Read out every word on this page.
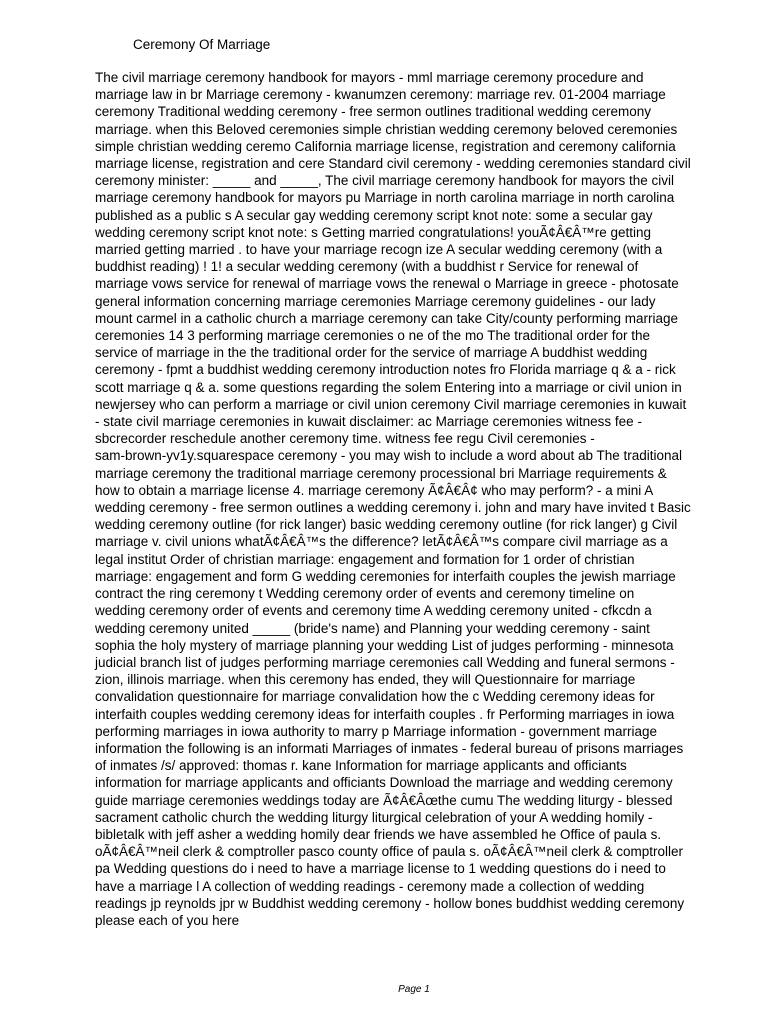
Ceremony Of Marriage
The civil marriage ceremony handbook for mayors - mml marriage ceremony procedure and
marriage law in br Marriage ceremony - kwanumzen ceremony: marriage rev. 01-2004 marriage
ceremony Traditional wedding ceremony - free sermon outlines traditional wedding ceremony
marriage. when this Beloved ceremonies simple christian wedding ceremony beloved ceremonies
simple christian wedding ceremo California marriage license, registration and ceremony california
marriage license, registration and cere Standard civil ceremony - wedding ceremonies standard civil
ceremony minister: _____ and _____, The civil marriage ceremony handbook for mayors the civil
marriage ceremony handbook for mayors pu Marriage in north carolina marriage in north carolina
published as a public s A secular gay wedding ceremony script knot note: some a secular gay
wedding ceremony script knot note: s Getting married congratulations! youÃ¢Â€Â™re getting
married getting married . to have your marriage recogn ize A secular wedding ceremony (with a
buddhist reading) ! 1! a secular wedding ceremony (with a buddhist r Service for renewal of
marriage vows service for renewal of marriage vows the renewal o Marriage in greece - photosate
general information concerning marriage ceremonies Marriage ceremony guidelines - our lady
mount carmel in a catholic church a marriage ceremony can take City/county performing marriage
ceremonies 14 3 performing marriage ceremonies o ne of the mo The traditional order for the
service of marriage in the the traditional order for the service of marriage A buddhist wedding
ceremony - fpmt a buddhist wedding ceremony introduction notes fro Florida marriage q & a - rick
scott marriage q & a. some questions regarding the solem Entering into a marriage or civil union in
newjersey who can perform a marriage or civil union ceremony Civil marriage ceremonies in kuwait
- state civil marriage ceremonies in kuwait disclaimer: ac Marriage ceremonies witness fee -
sbcrecorder reschedule another ceremony time. witness fee regu Civil ceremonies -
sam-brown-yv1y.squarespace ceremony - you may wish to include a word about ab The traditional
marriage ceremony the traditional marriage ceremony processional bri Marriage requirements &
how to obtain a marriage license 4. marriage ceremony Ã¢Â€Â¢ who may perform? - a mini A
wedding ceremony - free sermon outlines a wedding ceremony i. john and mary have invited t Basic
wedding ceremony outline (for rick langer) basic wedding ceremony outline (for rick langer) g Civil
marriage v. civil unions whatÃ¢Â€Â™s the difference? letÃ¢Â€Â™s compare civil marriage as a
legal institut Order of christian marriage: engagement and formation for 1 order of christian
marriage: engagement and form G wedding ceremonies for interfaith couples the jewish marriage
contract the ring ceremony t Wedding ceremony order of events and ceremony timeline on
wedding ceremony order of events and ceremony time A wedding ceremony united - cfkcdn a
wedding ceremony united _____ (bride's name) and Planning your wedding ceremony - saint
sophia the holy mystery of marriage planning your wedding List of judges performing - minnesota
judicial branch list of judges performing marriage ceremonies call Wedding and funeral sermons -
zion, illinois marriage. when this ceremony has ended, they will Questionnaire for marriage
convalidation questionnaire for marriage convalidation how the c Wedding ceremony ideas for
interfaith couples wedding ceremony ideas for interfaith couples . fr Performing marriages in iowa
performing marriages in iowa authority to marry p Marriage information - government marriage
information the following is an informati Marriages of inmates - federal bureau of prisons marriages
of inmates /s/ approved: thomas r. kane Information for marriage applicants and officiants
information for marriage applicants and officiants Download the marriage and wedding ceremony
guide marriage ceremonies weddings today are Ã¢Â€Âœthe cumu The wedding liturgy - blessed
sacrament catholic church the wedding liturgy liturgical celebration of your A wedding homily -
bibletalk with jeff asher a wedding homily dear friends we have assembled he Office of paula s.
oÃ¢Â€Â™neil clerk & comptroller pasco county office of paula s. oÃ¢Â€Â™neil clerk & comptroller
pa Wedding questions do i need to have a marriage license to 1 wedding questions do i need to
have a marriage l A collection of wedding readings - ceremony made a collection of wedding
readings jp reynolds jpr w Buddhist wedding ceremony - hollow bones buddhist wedding ceremony
please each of you here
Page 1
